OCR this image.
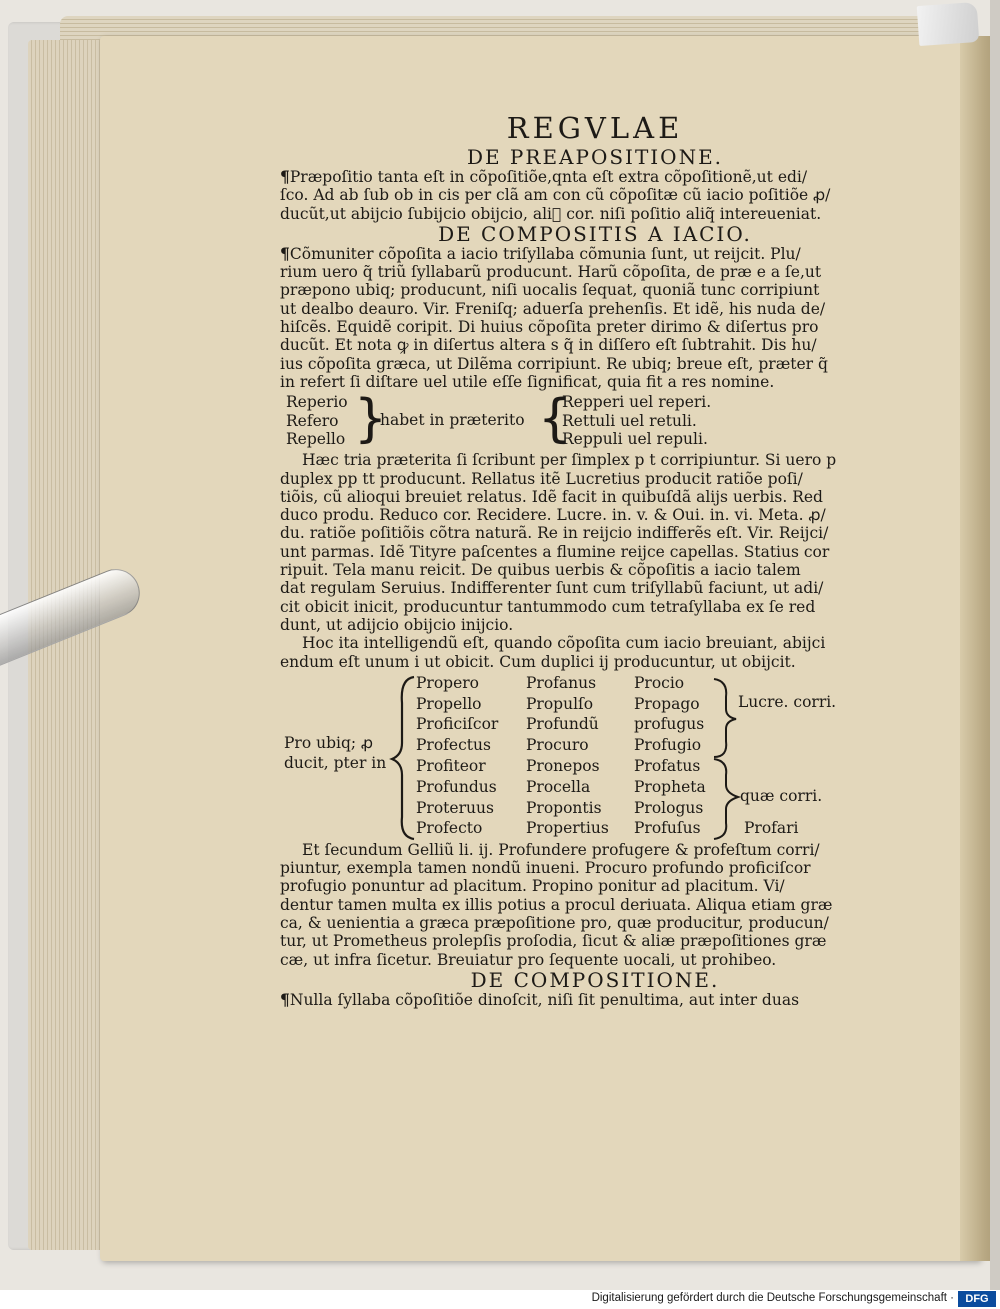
REGVLAE
DE PREAPOSITIONE.
¶Præpoſitio tanta eſt in cõpoſitiõe,qnta eſt extra cõpoſitionẽ,ut edi/
ſco. Ad ab ſub ob in cis per clã am con cũ cõpoſitæ cũ iacio poſitiõe ꝓ/
ducũt,ut abijcio ſubijcio obijcio, aliᷤ cor. niſi poſitio aliq̃ intereueniat.
DE COMPOSITIS A IACIO.
¶Cõmuniter cõpoſita a iacio triſyllaba cõmunia ſunt, ut reijcit. Plu/
rium uero q̃ triũ ſyllabarũ producunt. Harũ cõpoſita, de præ e a ſe,ut
præpono ubiq; producunt, niſi uocalis ſequat, quoniã tunc corripiunt
ut dealbo deauro. Vir. Freniſq; aduerſa prehenſis. Et idẽ, his nuda de/
hiſcẽs. Equidẽ coripit. Di huius cõpoſita preter dirimo & diſertus pro
ducũt. Et nota ꝙ in diſertus altera s q̃ in diſſero eſt ſubtrahit. Dis hu/
ius cõpoſita græca, ut Dilẽma corripiunt. Re ubiq; breue eſt, præter q̃
in refert ſi diſtare uel utile eſſe ſignificat, quia fit a res nomine.
Reperio
Refero
Repello }
habet in præterito {
Repperi uel reperi.
Rettuli uel retuli.
Reppuli uel repuli.
Hæc tria præterita ſi ſcribunt per ſimplex p t corripiuntur. Si uero p
duplex pp tt producunt. Rellatus itẽ Lucretius producit ratiõe poſi/
tiõis, cũ alioqui breuiet relatus. Idẽ facit in quibuſdã alijs uerbis. Red
duco produ. Reduco cor. Recidere. Lucre. in. v. & Oui. in. vi. Meta. ꝓ/
du. ratiõe poſitiõis cõtra naturã. Re in reijcio indifferẽs eſt. Vir. Reijci/
unt parmas. Idẽ Tityre paſcentes a flumine reijce capellas. Statius cor
ripuit. Tela manu reicit. De quibus uerbis & cõpoſitis a iacio talem
dat regulam Seruius. Indifferenter ſunt cum triſyllabũ faciunt, ut adi/
cit obicit inicit, producuntur tantummodo cum tetraſyllaba ex ſe red
dunt, ut adijcio obijcio inijcio.
Hoc ita intelligendũ eſt, quando cõpoſita cum iacio breuiant, abijci
endum eſt unum i ut obicit. Cum duplici ij producuntur, ut obijcit.
Pro ubiq; ꝓ
ducit, pter in
Propero
Propello
Proficiſcor
Profectus
Profiteor
Profundus
Proteruus
Profecto
Profanus
Propulſo
Profundũ
Procuro
Pronepos
Procella
Propontis
Propertius
Procio
Propago
profugus
Profugio
Profatus
Propheta
Prologus
Profuſus
Lucre. corri.
quæ corri.
Profari
Et ſecundum Gelliũ li. ij. Profundere profugere & profeſtum corri/
piuntur, exempla tamen nondũ inueni. Procuro profundo proficiſcor
profugio ponuntur ad placitum. Propino ponitur ad placitum. Vi/
dentur tamen multa ex illis potius a procul deriuata. Aliqua etiam græ
ca, & uenientia a græca præpoſitione pro, quæ producitur, producun/
tur, ut Prometheus prolepſis proſodia, ſicut & aliæ præpoſitiones græ
cæ, ut infra ſicetur. Breuiatur pro ſequente uocali, ut prohibeo.
DE COMPOSITIONE.
¶Nulla ſyllaba cõpoſitiõe dinoſcit, niſi ſit penultima, aut inter duas
Digitalisierung gefördert durch die Deutsche Forschungsgemeinschaft ·	DFG
